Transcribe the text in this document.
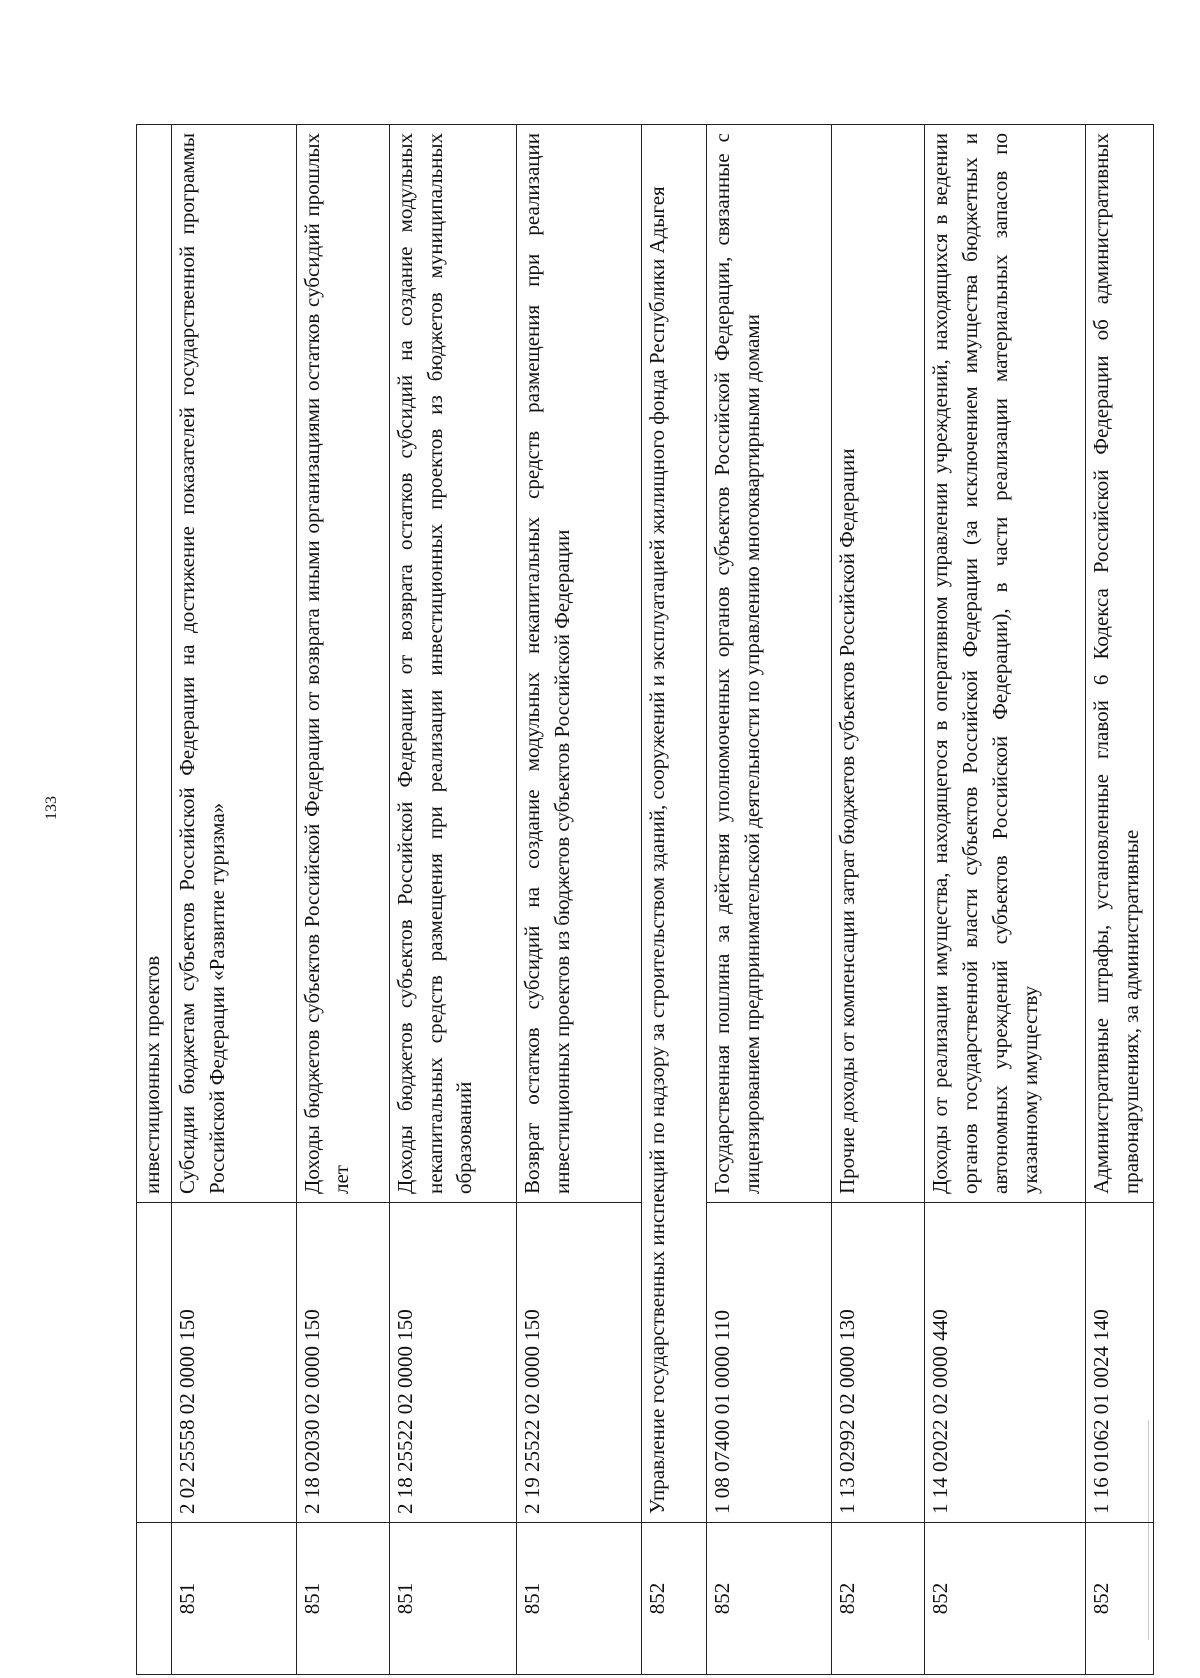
133
		инвестиционных проектов
851	2 02 25558 02 0000 150	Субсидии бюджетам субъектов Российской Федерации на достижение показателей государственной программы Российской Федерации «Развитие туризма»
851	2 18 02030 02 0000 150	Доходы бюджетов субъектов Российской Федерации от возврата иными организациями остатков субсидий прошлых лет
851	2 18 25522 02 0000 150	Доходы бюджетов субъектов Российской Федерации от возврата остатков субсидий на создание модульных некапитальных средств размещения при реализации инвестиционных проектов из бюджетов муниципальных образований
851	2 19 25522 02 0000 150	Возврат остатков субсидий на создание модульных некапитальных средств размещения при реализации инвестиционных проектов из бюджетов субъектов Российской Федерации
852	Управление государственных инспекций по надзору за строительством зданий, сооружений и эксплуатацией жилищного фонда Республики Адыгея	
852	1 08 07400 01 0000 110	Государственная пошлина за действия уполномоченных органов субъектов Российской Федерации, связанные с лицензированием предпринимательской деятельности по управлению многоквартирными домами
852	1 13 02992 02 0000 130	Прочие доходы от компенсации затрат бюджетов субъектов Российской Федерации
852	1 14 02022 02 0000 440	Доходы от реализации имущества, находящегося в оперативном управлении учреждений, находящихся в ведении органов государственной власти субъектов Российской Федерации (за исключением имущества бюджетных и автономных учреждений субъектов Российской Федерации), в части реализации материальных запасов по указанному имуществу
852	1 16 01062 01 0024 140	Административные штрафы, установленные главой 6 Кодекса Российской Федерации об административных правонарушениях, за административные
